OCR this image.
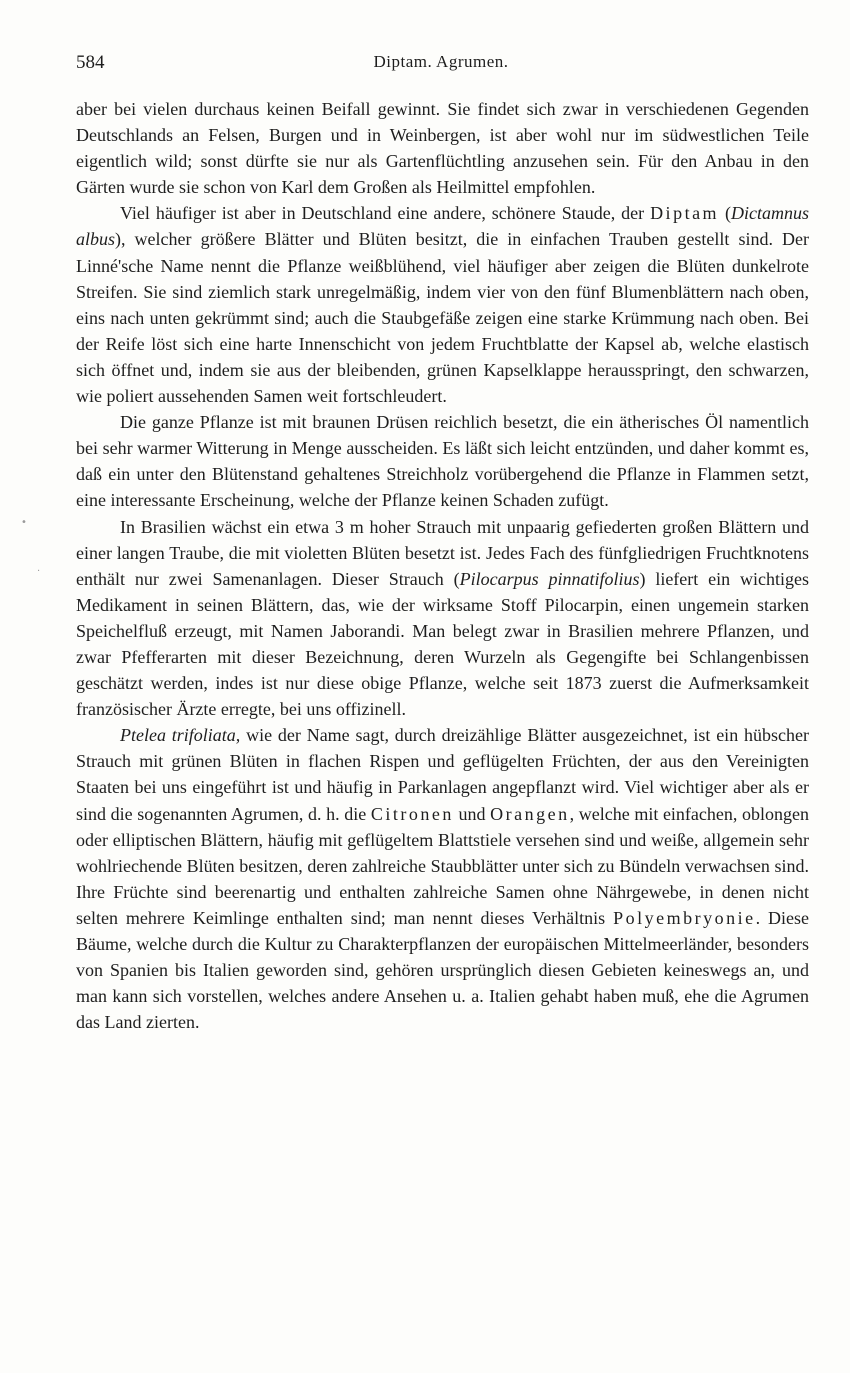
584	Diptam. Agrumen.

aber bei vielen durchaus keinen Beifall gewinnt. Sie findet sich zwar in verschiedenen Gegenden Deutschlands an Felsen, Burgen und in Weinbergen, ist aber wohl nur im südwestlichen Teile eigentlich wild; sonst dürfte sie nur als Gartenflüchtling anzusehen sein. Für den Anbau in den Gärten wurde sie schon von Karl dem Großen als Heilmittel empfohlen.

Viel häufiger ist aber in Deutschland eine andere, schönere Staude, der Diptam (Dictamnus albus), welcher größere Blätter und Blüten besitzt, die in einfachen Trauben gestellt sind. Der Linné'sche Name nennt die Pflanze weißblühend, viel häufiger aber zeigen die Blüten dunkelrote Streifen. Sie sind ziemlich stark unregelmäßig, indem vier von den fünf Blumenblättern nach oben, eins nach unten gekrümmt sind; auch die Staubgefäße zeigen eine starke Krümmung nach oben. Bei der Reife löst sich eine harte Innenschicht von jedem Fruchtblatte der Kapsel ab, welche elastisch sich öffnet und, indem sie aus der bleibenden, grünen Kapselklappe herausspringt, den schwarzen, wie poliert aussehenden Samen weit fortschleudert.

Die ganze Pflanze ist mit braunen Drüsen reichlich besetzt, die ein ätherisches Öl namentlich bei sehr warmer Witterung in Menge ausscheiden. Es läßt sich leicht entzünden, und daher kommt es, daß ein unter den Blütenstand gehaltenes Streichholz vorübergehend die Pflanze in Flammen setzt, eine interessante Erscheinung, welche der Pflanze keinen Schaden zufügt.

In Brasilien wächst ein etwa 3 m hoher Strauch mit unpaarig gefiederten großen Blättern und einer langen Traube, die mit violetten Blüten besetzt ist. Jedes Fach des fünfgliedrigen Fruchtknotens enthält nur zwei Samenanlagen. Dieser Strauch (Pilocarpus pinnatifolius) liefert ein wichtiges Medikament in seinen Blättern, das, wie der wirksame Stoff Pilocarpin, einen ungemein starken Speichelfluß erzeugt, mit Namen Jaborandi. Man belegt zwar in Brasilien mehrere Pflanzen, und zwar Pfefferarten mit dieser Bezeichnung, deren Wurzeln als Gegengifte bei Schlangenbissen geschätzt werden, indes ist nur diese obige Pflanze, welche seit 1873 zuerst die Aufmerksamkeit französischer Ärzte erregte, bei uns offizinell.

Ptelea trifoliata, wie der Name sagt, durch dreizählige Blätter ausgezeichnet, ist ein hübscher Strauch mit grünen Blüten in flachen Rispen und geflügelten Früchten, der aus den Vereinigten Staaten bei uns eingeführt ist und häufig in Parkanlagen angepflanzt wird. Viel wichtiger aber als er sind die sogenannten Agrumen, d. h. die Citronen und Orangen, welche mit einfachen, oblongen oder elliptischen Blättern, häufig mit geflügeltem Blattstiele versehen sind und weiße, allgemein sehr wohlriechende Blüten besitzen, deren zahlreiche Staubblätter unter sich zu Bündeln verwachsen sind. Ihre Früchte sind beerenartig und enthalten zahlreiche Samen ohne Nährgewebe, in denen nicht selten mehrere Keimlinge enthalten sind; man nennt dieses Verhältnis Polyembryonie. Diese Bäume, welche durch die Kultur zu Charakterpflanzen der europäischen Mittelmeerländer, besonders von Spanien bis Italien geworden sind, gehören ursprünglich diesen Gebieten keineswegs an, und man kann sich vorstellen, welches andere Ansehen u. a. Italien gehabt haben muß, ehe die Agrumen das Land zierten.

•
·
